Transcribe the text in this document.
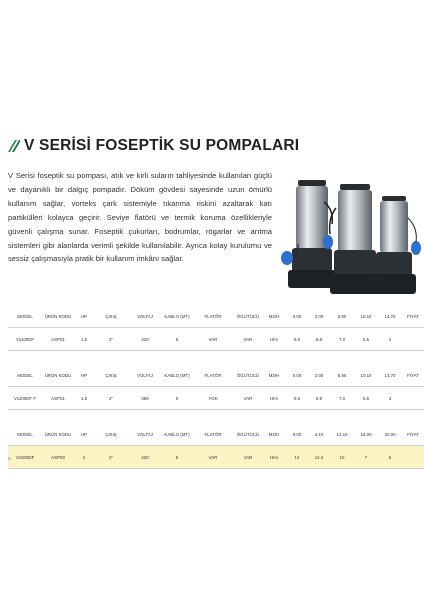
V SERİSİ FOSEPTİK SU POMPALARI
V Serisi foseptik su pompası, atık ve kirli suların tahliyesinde kullanılan güçlü ve dayanıklı bir dalgıç pompadır. Döküm gövdesi sayesinde uzun ömürlü kullanım sağlar, vorteks çark sistemiyle tıkanma riskini azaltarak katı partikülleri kolayca geçirir. Seviye flatörü ve termik koruma özellikleriyle güvenli çalışma sunar. Foseptik çukurları, bodrumlar, rögarlar ve arıtma sistemleri gibi alanlarda verimli şekilde kullanılabilir. Ayrıca kolay kurulumu ve sessiz çalışmasıyla pratik bir kullanım imkânı sağlar.
MODEL	ÜRÜN KODU	HP	ÇIKIŞ	VOLTAJ	KABLO (MT)	FLATÖR	ÖĞÜTÜCÜ	M3/H	0.00	2.00	5.90	10.10	14.70	FİYAT
V1100DF	ASP01	1.5	2"	220	6	VAR	VAR	H/m	9.6	8.8	7.0	5.5	3
MODEL	ÜRÜN KODU	HP	ÇIKIŞ	VOLTAJ	KABLO (MT)	FLATÖR	ÖĞÜTÜCÜ	M3/H	0.00	2.00	5.90	10.10	14.70	FİYAT
V1100DF-T	ASP01	1.5	2"	380	6	YOK	VAR	H/m	9.6	8.8	7.0	5.5	3
MODEL	ÜRÜN KODU	HP	ÇIKIŞ	VOLTAJ	KABLO (MT)	FLATÖR	ÖĞÜTÜCÜ	M3/H	0.00	4.10	14.10	16.00	20.00	FİYAT
V1500DF	ASP03	2	2"	220	6	VAR	VAR	H/m	14	12.2	10	7	5
